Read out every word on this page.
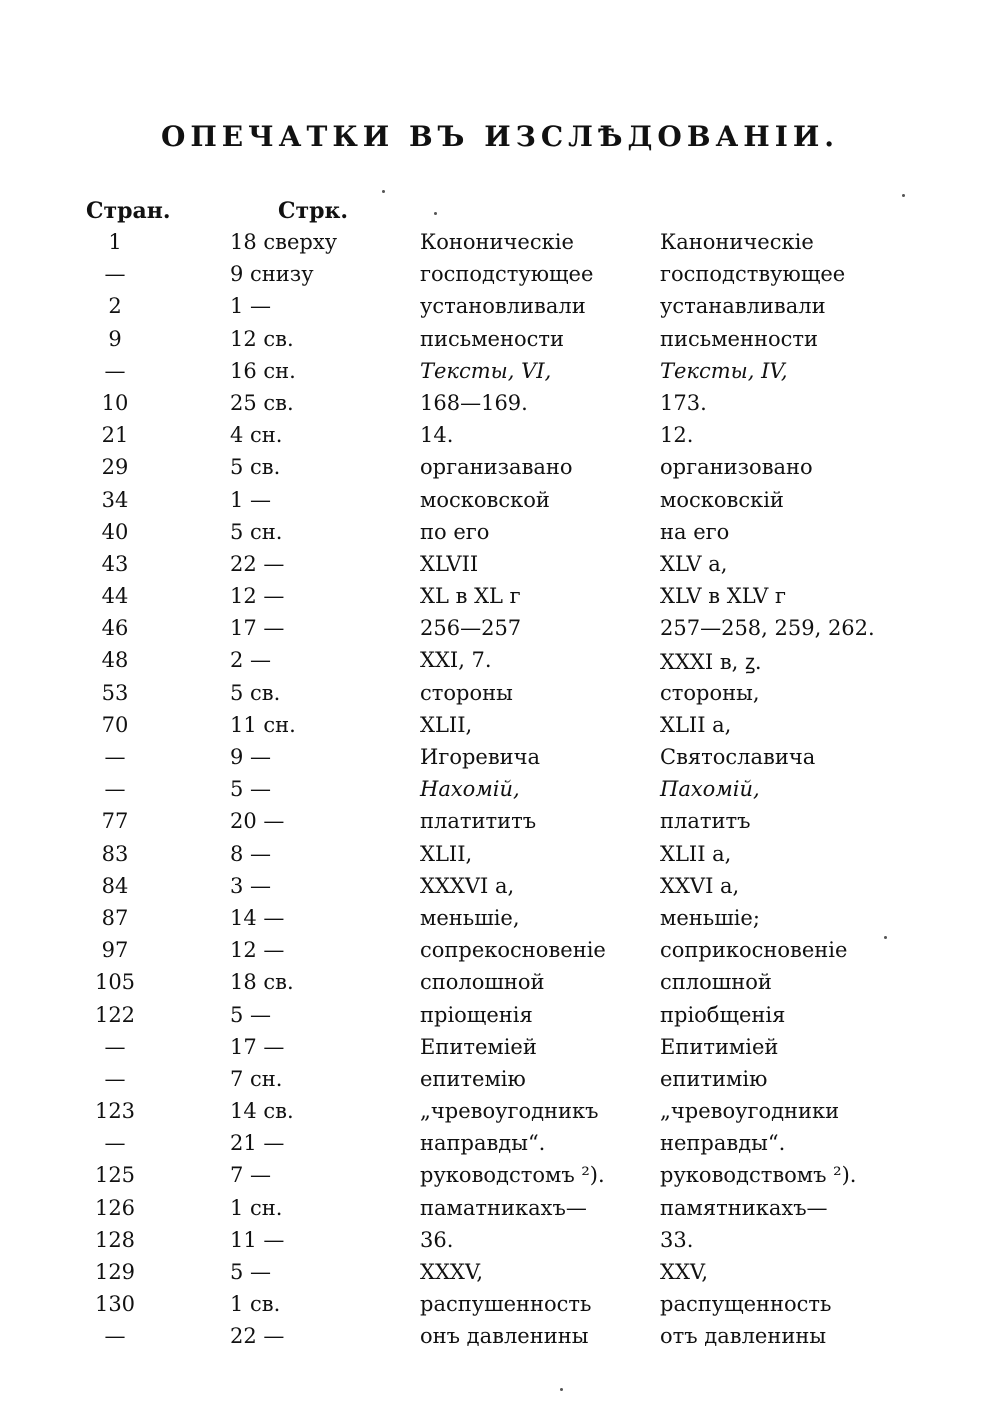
ОПЕЧАТКИ ВЪ ИЗСЛѢДОВАНIИ.
Стран.	Стрк.
1	18 сверху	Кононическiе	Каноническiе
—	9 снизу	господстующее	господствующее
2	1 —	установливали	устанавливали
9	12 св.	письмености	письменности
—	16 сн.	Тексты, VI,	Тексты, IV,
10	25 св.	168—169.	173.
21	4 сн.	14.	12.
29	5 св.	организавано	организовано
34	1 —	московской	московскiй
40	5 сн.	по его	на его
43	22 —	XLVII	XLV а,
44	12 —	XL в XL г	XLV в XLV г
46	17 —	256—257	257—258, 259, 262.
48	2 —	XXI, 7.	XXXI в, ꙁ.
53	5 св.	стороны	стороны,
70	11 сн.	XLII,	XLII а,
—	9 —	Игоревича	Святославича
—	5 —	Нахомiй,	Пахомiй,
77	20 —	платититъ	платитъ
83	8 —	XLII,	XLII а,
84	3 —	XXXVI а,	XXVI а,
87	14 —	меньшiе,	меньшiе;
97	12 —	сопрекосновенiе	соприкосновенiе
105	18 св.	сполошной	сплошной
122	5 —	прiощенiя	прiобщенiя
—	17 —	Епитемiей	Епитимiей
—	7 сн.	епитемiю	епитимiю
123	14 св.	„чревоугодникъ	„чревоугодники
—	21 —	направды“.	неправды“.
125	7 —	руководстомъ ²).	руководствомъ ²).
126	1 сн.	паматникахъ—	памятникахъ—
128	11 —	36.	33.
129	5 —	XXXV,	XXV,
130	1 св.	распушенность	распущенность
—	22 —	онъ давленины	отъ давленины
